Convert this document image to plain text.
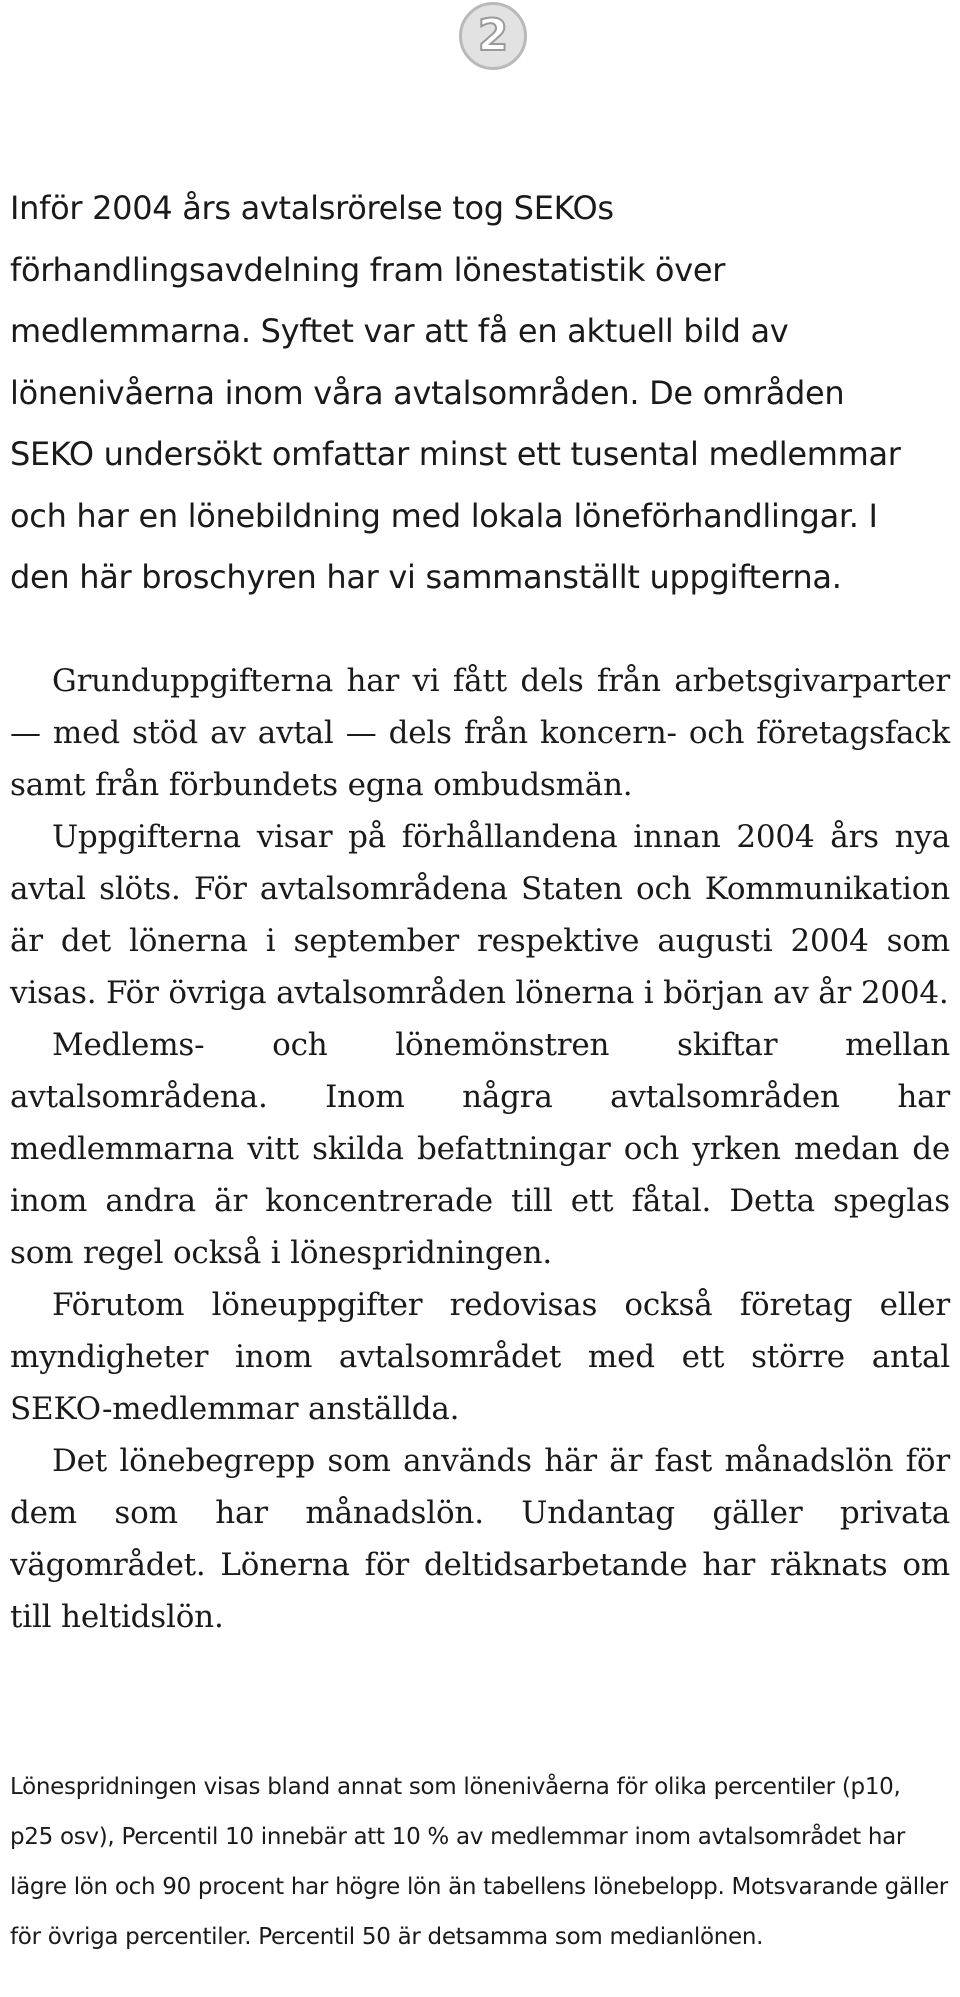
2

Inför 2004 års avtalsrörelse tog SEKOs förhandlingsavdelning fram lönestatistik över medlemmarna. Syftet var att få en aktuell bild av lönenivåerna inom våra avtalsområden. De områden SEKO undersökt omfattar minst ett tusental medlemmar och har en lönebildning med lokala löneförhandlingar. I den här broschyren har vi sammanställt uppgifterna.

Grunduppgifterna har vi fått dels från arbetsgivarparter — med stöd av avtal — dels från koncern- och företagsfack samt från förbundets egna ombudsmän.

Uppgifterna visar på förhållandena innan 2004 års nya avtal slöts. För avtalsområdena Staten och Kommunikation är det lönerna i september respektive augusti 2004 som visas. För övriga avtalsområden lönerna i början av år 2004.

Medlems- och lönemönstren skiftar mellan avtalsområdena. Inom några avtalsområden har medlemmarna vitt skilda befattningar och yrken medan de inom andra är koncentrerade till ett fåtal. Detta speglas som regel också i lönespridningen.

Förutom löneuppgifter redovisas också företag eller myndigheter inom avtalsområdet med ett större antal SEKO-medlemmar anställda.

Det lönebegrepp som används här är fast månadslön för dem som har månadslön. Undantag gäller privata vägområdet. Lönerna för deltidsarbetande har räknats om till heltidslön.

Lönespridningen visas bland annat som lönenivåerna för olika percentiler (p10, p25 osv), Percentil 10 innebär att 10 % av medlemmar inom avtalsområdet har lägre lön och 90 procent har högre lön än tabellens lönebelopp. Motsvarande gäller för övriga percentiler. Percentil 50 är detsamma som medianlönen.
